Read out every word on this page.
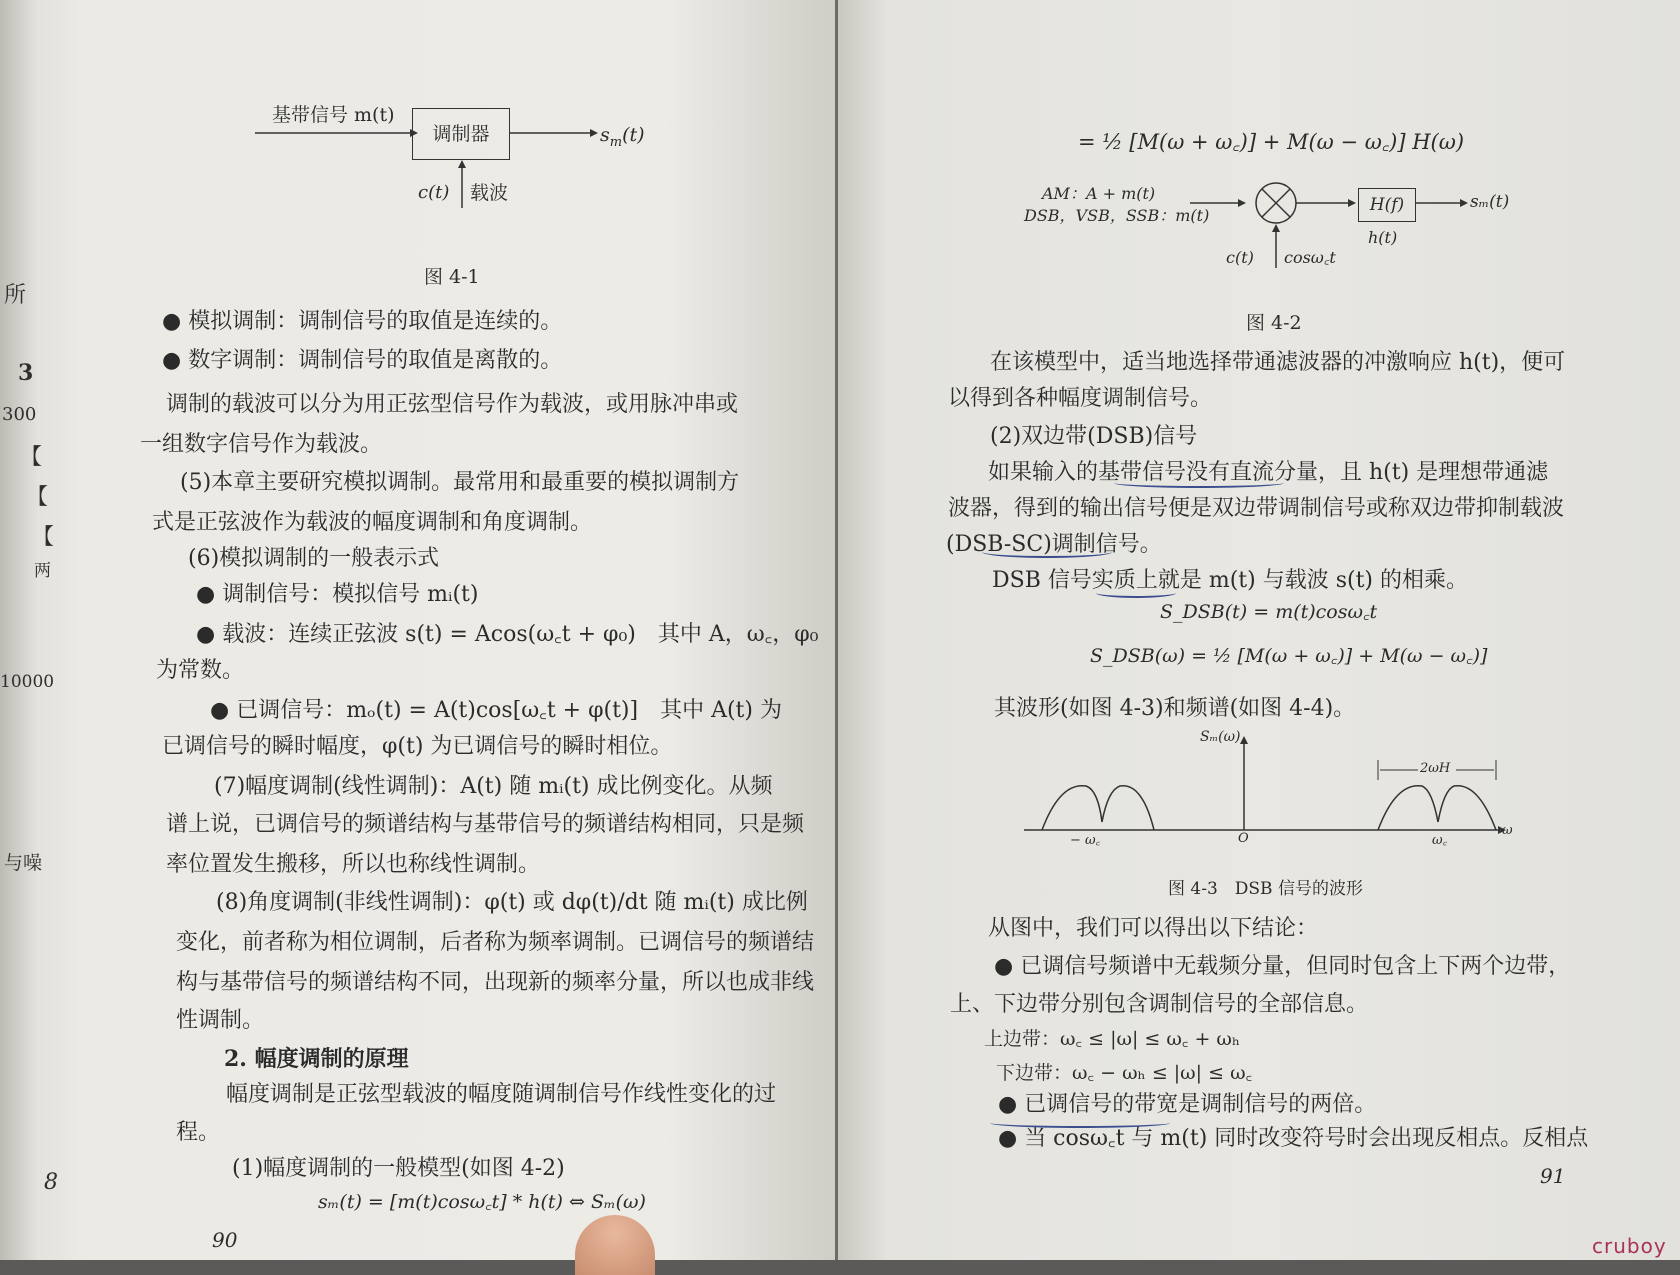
所
3
300
【
【
【
两
10000
与噪
8
基带信号 m(t)
调制器	$s_m(t)$
c(t) 载波
图 4-1
● 模拟调制：调制信号的取值是连续的。
● 数字调制：调制信号的取值是离散的。
调制的载波可以分为用正弦型信号作为载波，或用脉冲串或
一组数字信号作为载波。
(5)本章主要研究模拟调制。最常用和最重要的模拟调制方
式是正弦波作为载波的幅度调制和角度调制。
(6)模拟调制的一般表示式
● 调制信号：模拟信号 mᵢ(t)
● 载波：连续正弦波 s(t) = Acos(ω꜀t + φ₀)　其中 A，ω꜀，φ₀
为常数。
● 已调信号：mₒ(t) = A(t)cos[ω꜀t + φ(t)]　其中 A(t) 为
已调信号的瞬时幅度，φ(t) 为已调信号的瞬时相位。
(7)幅度调制(线性调制)：A(t) 随 mᵢ(t) 成比例变化。从频
谱上说，已调信号的频谱结构与基带信号的频谱结构相同，只是频
率位置发生搬移，所以也称线性调制。
(8)角度调制(非线性调制)：φ(t) 或 dφ(t)/dt 随 mᵢ(t) 成比例
变化，前者称为相位调制，后者称为频率调制。已调信号的频谱结
构与基带信号的频谱结构不同，出现新的频率分量，所以也成非线
性调制。
2. 幅度调制的原理
幅度调制是正弦型载波的幅度随调制信号作线性变化的过
程。
(1)幅度调制的一般模型(如图 4-2)
sₘ(t) = [m(t)cosω꜀t] * h(t) ⇔ Sₘ(ω)
90
= ½ [M(ω + ω꜀)] + M(ω − ω꜀)] H(ω)
AM：A + m(t)
DSB，VSB，SSB：m(t)
H(f)
h(t)
sₘ(t)
c(t) cosω꜀t
图 4-2
在该模型中，适当地选择带通滤波器的冲激响应 h(t)，便可
以得到各种幅度调制信号。
(2)双边带(DSB)信号
如果输入的基带信号没有直流分量，且 h(t) 是理想带通滤
波器，得到的输出信号便是双边带调制信号或称双边带抑制载波
(DSB-SC)调制信号。
DSB 信号实质上就是 m(t) 与载波 s(t) 的相乘。
S_DSB(t) = m(t)cosω꜀t
S_DSB(ω) = ½ [M(ω + ω꜀)] + M(ω − ω꜀)]
其波形(如图 4-3)和频谱(如图 4-4)。
Sₘ(ω)
2ωH
− ω꜀	O	ω꜀
ω
图 4-3　DSB 信号的波形
从图中，我们可以得出以下结论：
● 已调信号频谱中无载频分量，但同时包含上下两个边带，
上、下边带分别包含调制信号的全部信息。
上边带：ω꜀ ≤ |ω| ≤ ω꜀ + ωₕ
下边带：ω꜀ − ωₕ ≤ |ω| ≤ ω꜀
● 已调信号的带宽是调制信号的两倍。
● 当 cosω꜀t 与 m(t) 同时改变符号时会出现反相点。反相点
91
cruboy
